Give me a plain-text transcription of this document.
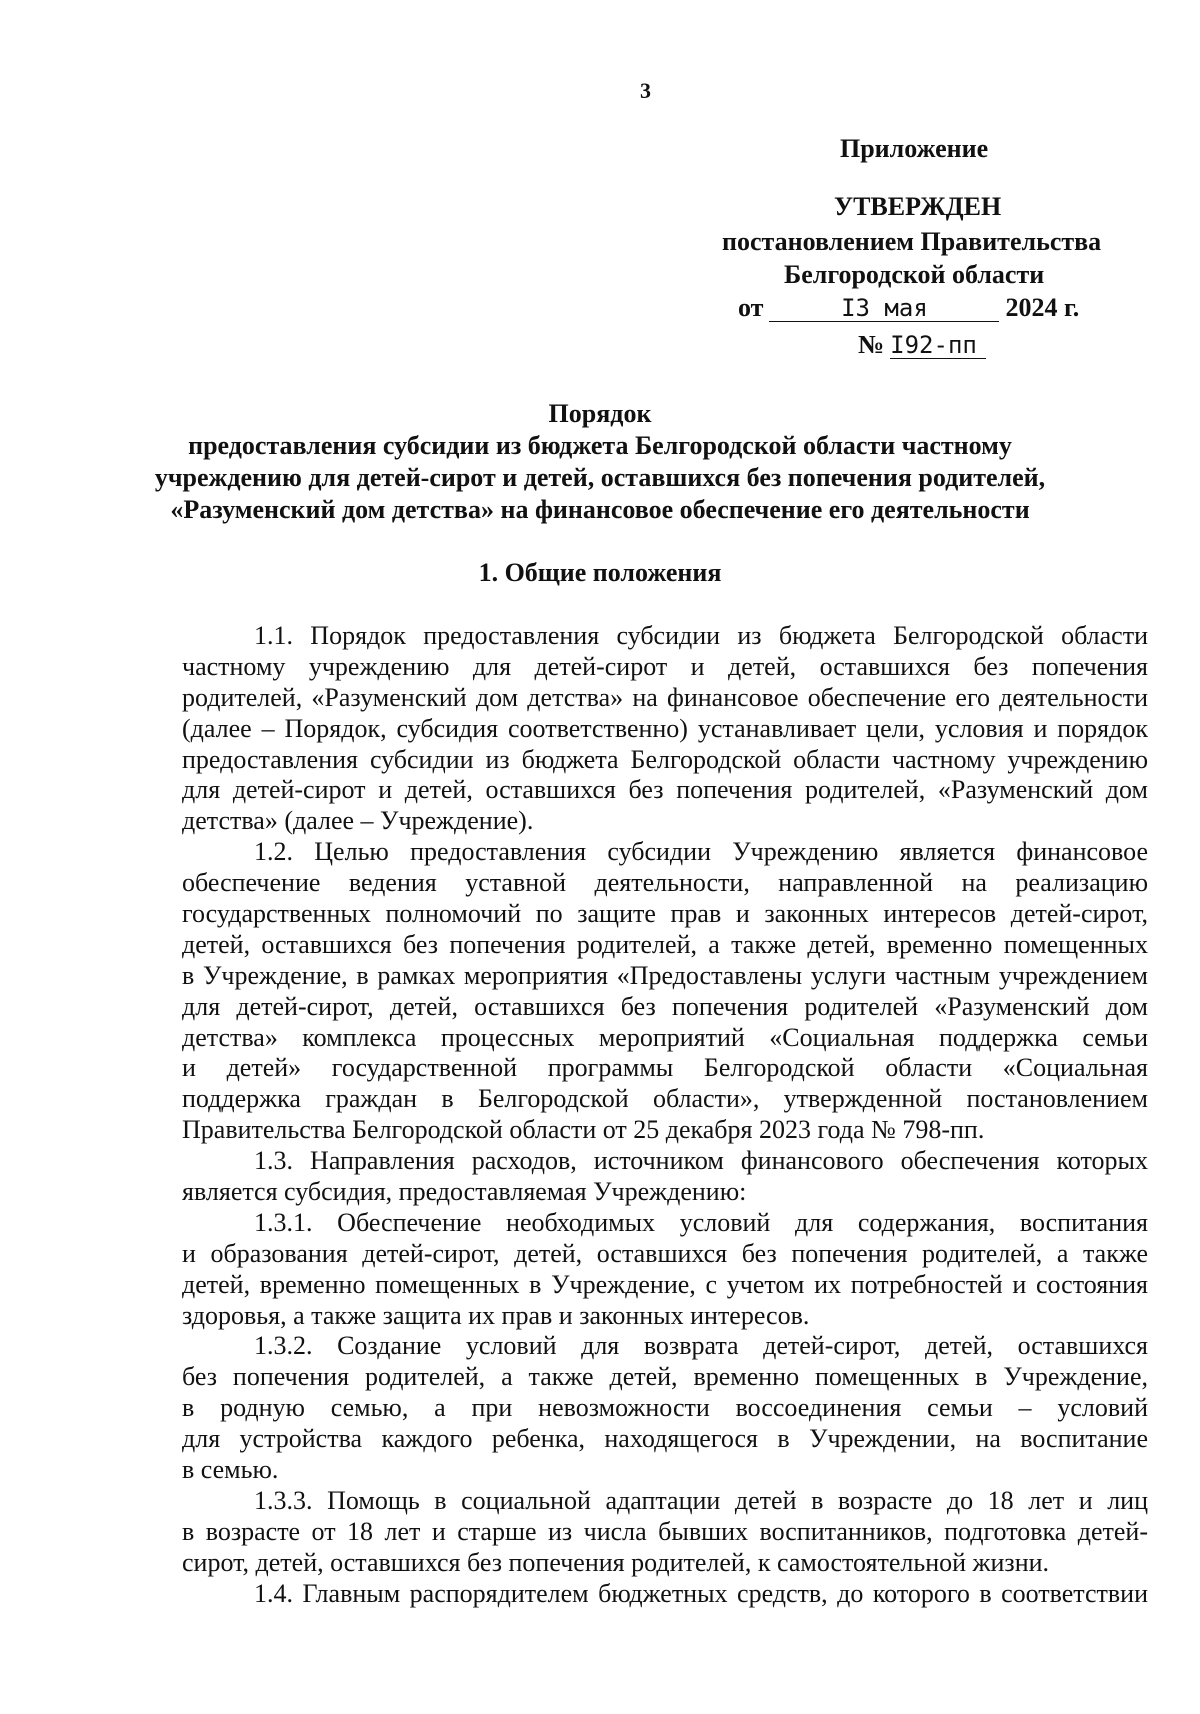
3
Приложение
УТВЕРЖДЕН
постановлением Правительства
Белгородской области
от	I3 мая	2024 г.
№ I92-пп
Порядок
предоставления субсидии из бюджета Белгородской области частному
учреждению для детей-сирот и детей, оставшихся без попечения родителей,
«Разуменский дом детства» на финансовое обеспечение его деятельности
1. Общие положения
1.1. Порядок предоставления субсидии из бюджета Белгородской области
частному учреждению для детей-сирот и детей, оставшихся без попечения
родителей, «Разуменский дом детства» на финансовое обеспечение его деятельности
(далее – Порядок, субсидия соответственно) устанавливает цели, условия и порядок
предоставления субсидии из бюджета Белгородской области частному учреждению
для детей-сирот и детей, оставшихся без попечения родителей, «Разуменский дом
детства» (далее – Учреждение).
1.2. Целью предоставления субсидии Учреждению является финансовое
обеспечение ведения уставной деятельности, направленной на реализацию
государственных полномочий по защите прав и законных интересов детей-сирот,
детей, оставшихся без попечения родителей, а также детей, временно помещенных
в Учреждение, в рамках мероприятия «Предоставлены услуги частным учреждением
для детей-сирот, детей, оставшихся без попечения родителей «Разуменский дом
детства» комплекса процессных мероприятий «Социальная поддержка семьи
и детей» государственной программы Белгородской области «Социальная
поддержка граждан в Белгородской области», утвержденной постановлением
Правительства Белгородской области от 25 декабря 2023 года № 798-пп.
1.3. Направления расходов, источником финансового обеспечения которых
является субсидия, предоставляемая Учреждению:
1.3.1. Обеспечение необходимых условий для содержания, воспитания
и образования детей-сирот, детей, оставшихся без попечения родителей, а также
детей, временно помещенных в Учреждение, с учетом их потребностей и состояния
здоровья, а также защита их прав и законных интересов.
1.3.2. Создание условий для возврата детей-сирот, детей, оставшихся
без попечения родителей, а также детей, временно помещенных в Учреждение,
в родную семью, а при невозможности воссоединения семьи – условий
для устройства каждого ребенка, находящегося в Учреждении, на воспитание
в семью.
1.3.3. Помощь в социальной адаптации детей в возрасте до 18 лет и лиц
в возрасте от 18 лет и старше из числа бывших воспитанников, подготовка детей-
сирот, детей, оставшихся без попечения родителей, к самостоятельной жизни.
1.4. Главным распорядителем бюджетных средств, до которого в соответствии
